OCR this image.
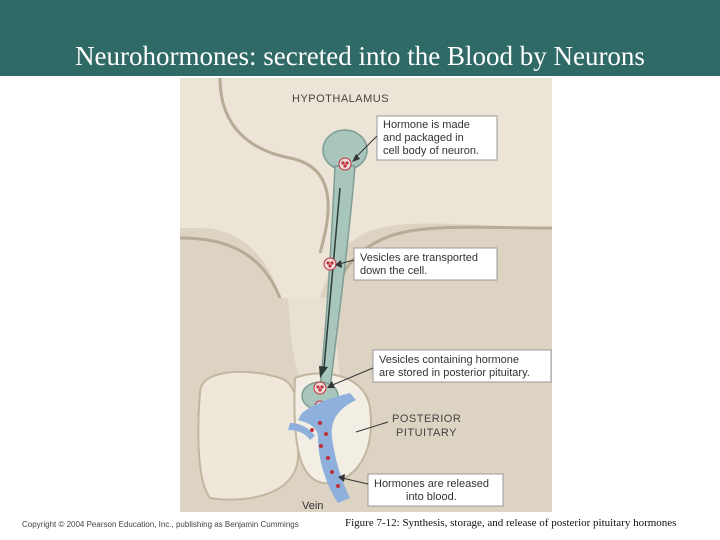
Neurohormones: secreted into the Blood by Neurons
HYPOTHALAMUS
Hormone is made
and packaged in
cell body of neuron.
Vesicles are transported
down the cell.
Vesicles containing hormone
are stored in posterior pituitary.
POSTERIOR
PITUITARY
Hormones are released
into blood.
Vein
Copyright © 2004 Pearson Education, Inc., publishing as Benjamin Cummings	Figure 7-12: Synthesis, storage, and release of posterior pituitary hormones
